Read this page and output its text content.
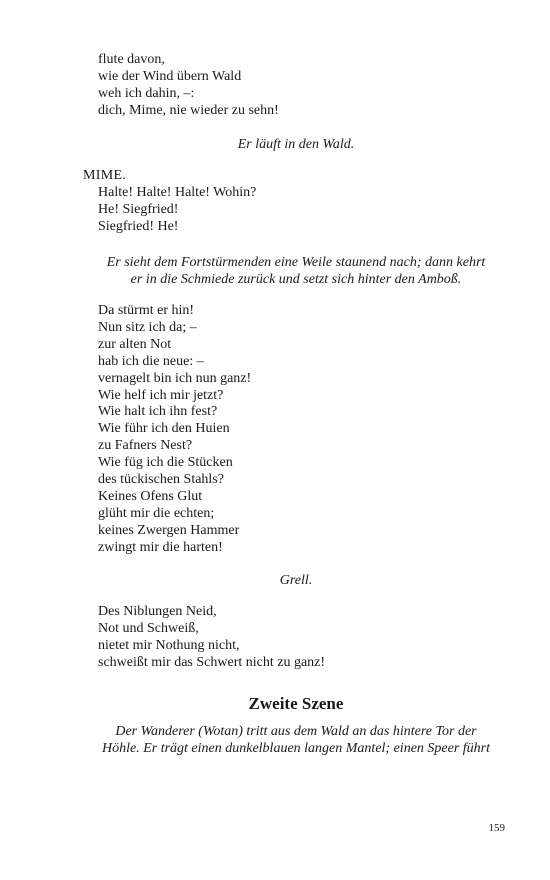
flute davon,
wie der Wind übern Wald
weh ich dahin, –:
dich, Mime, nie wieder zu sehn!
Er läuft in den Wald.
MIME.
Halte! Halte! Halte! Wohin?
He! Siegfried!
Siegfried! He!
Er sieht dem Fortstürmenden eine Weile staunend nach; dann kehrt
er in die Schmiede zurück und setzt sich hinter den Amboß.
Da stürmt er hin!
Nun sitz ich da; –
zur alten Not
hab ich die neue: –
vernagelt bin ich nun ganz!
Wie helf ich mir jetzt?
Wie halt ich ihn fest?
Wie führ ich den Huien
zu Fafners Nest?
Wie füg ich die Stücken
des tückischen Stahls?
Keines Ofens Glut
glüht mir die echten;
keines Zwergen Hammer
zwingt mir die harten!
Grell.
Des Niblungen Neid,
Not und Schweiß,
nietet mir Nothung nicht,
schweißt mir das Schwert nicht zu ganz!
Zweite Szene
Der Wanderer (Wotan) tritt aus dem Wald an das hintere Tor der
Höhle. Er trägt einen dunkelblauen langen Mantel; einen Speer führt
159
